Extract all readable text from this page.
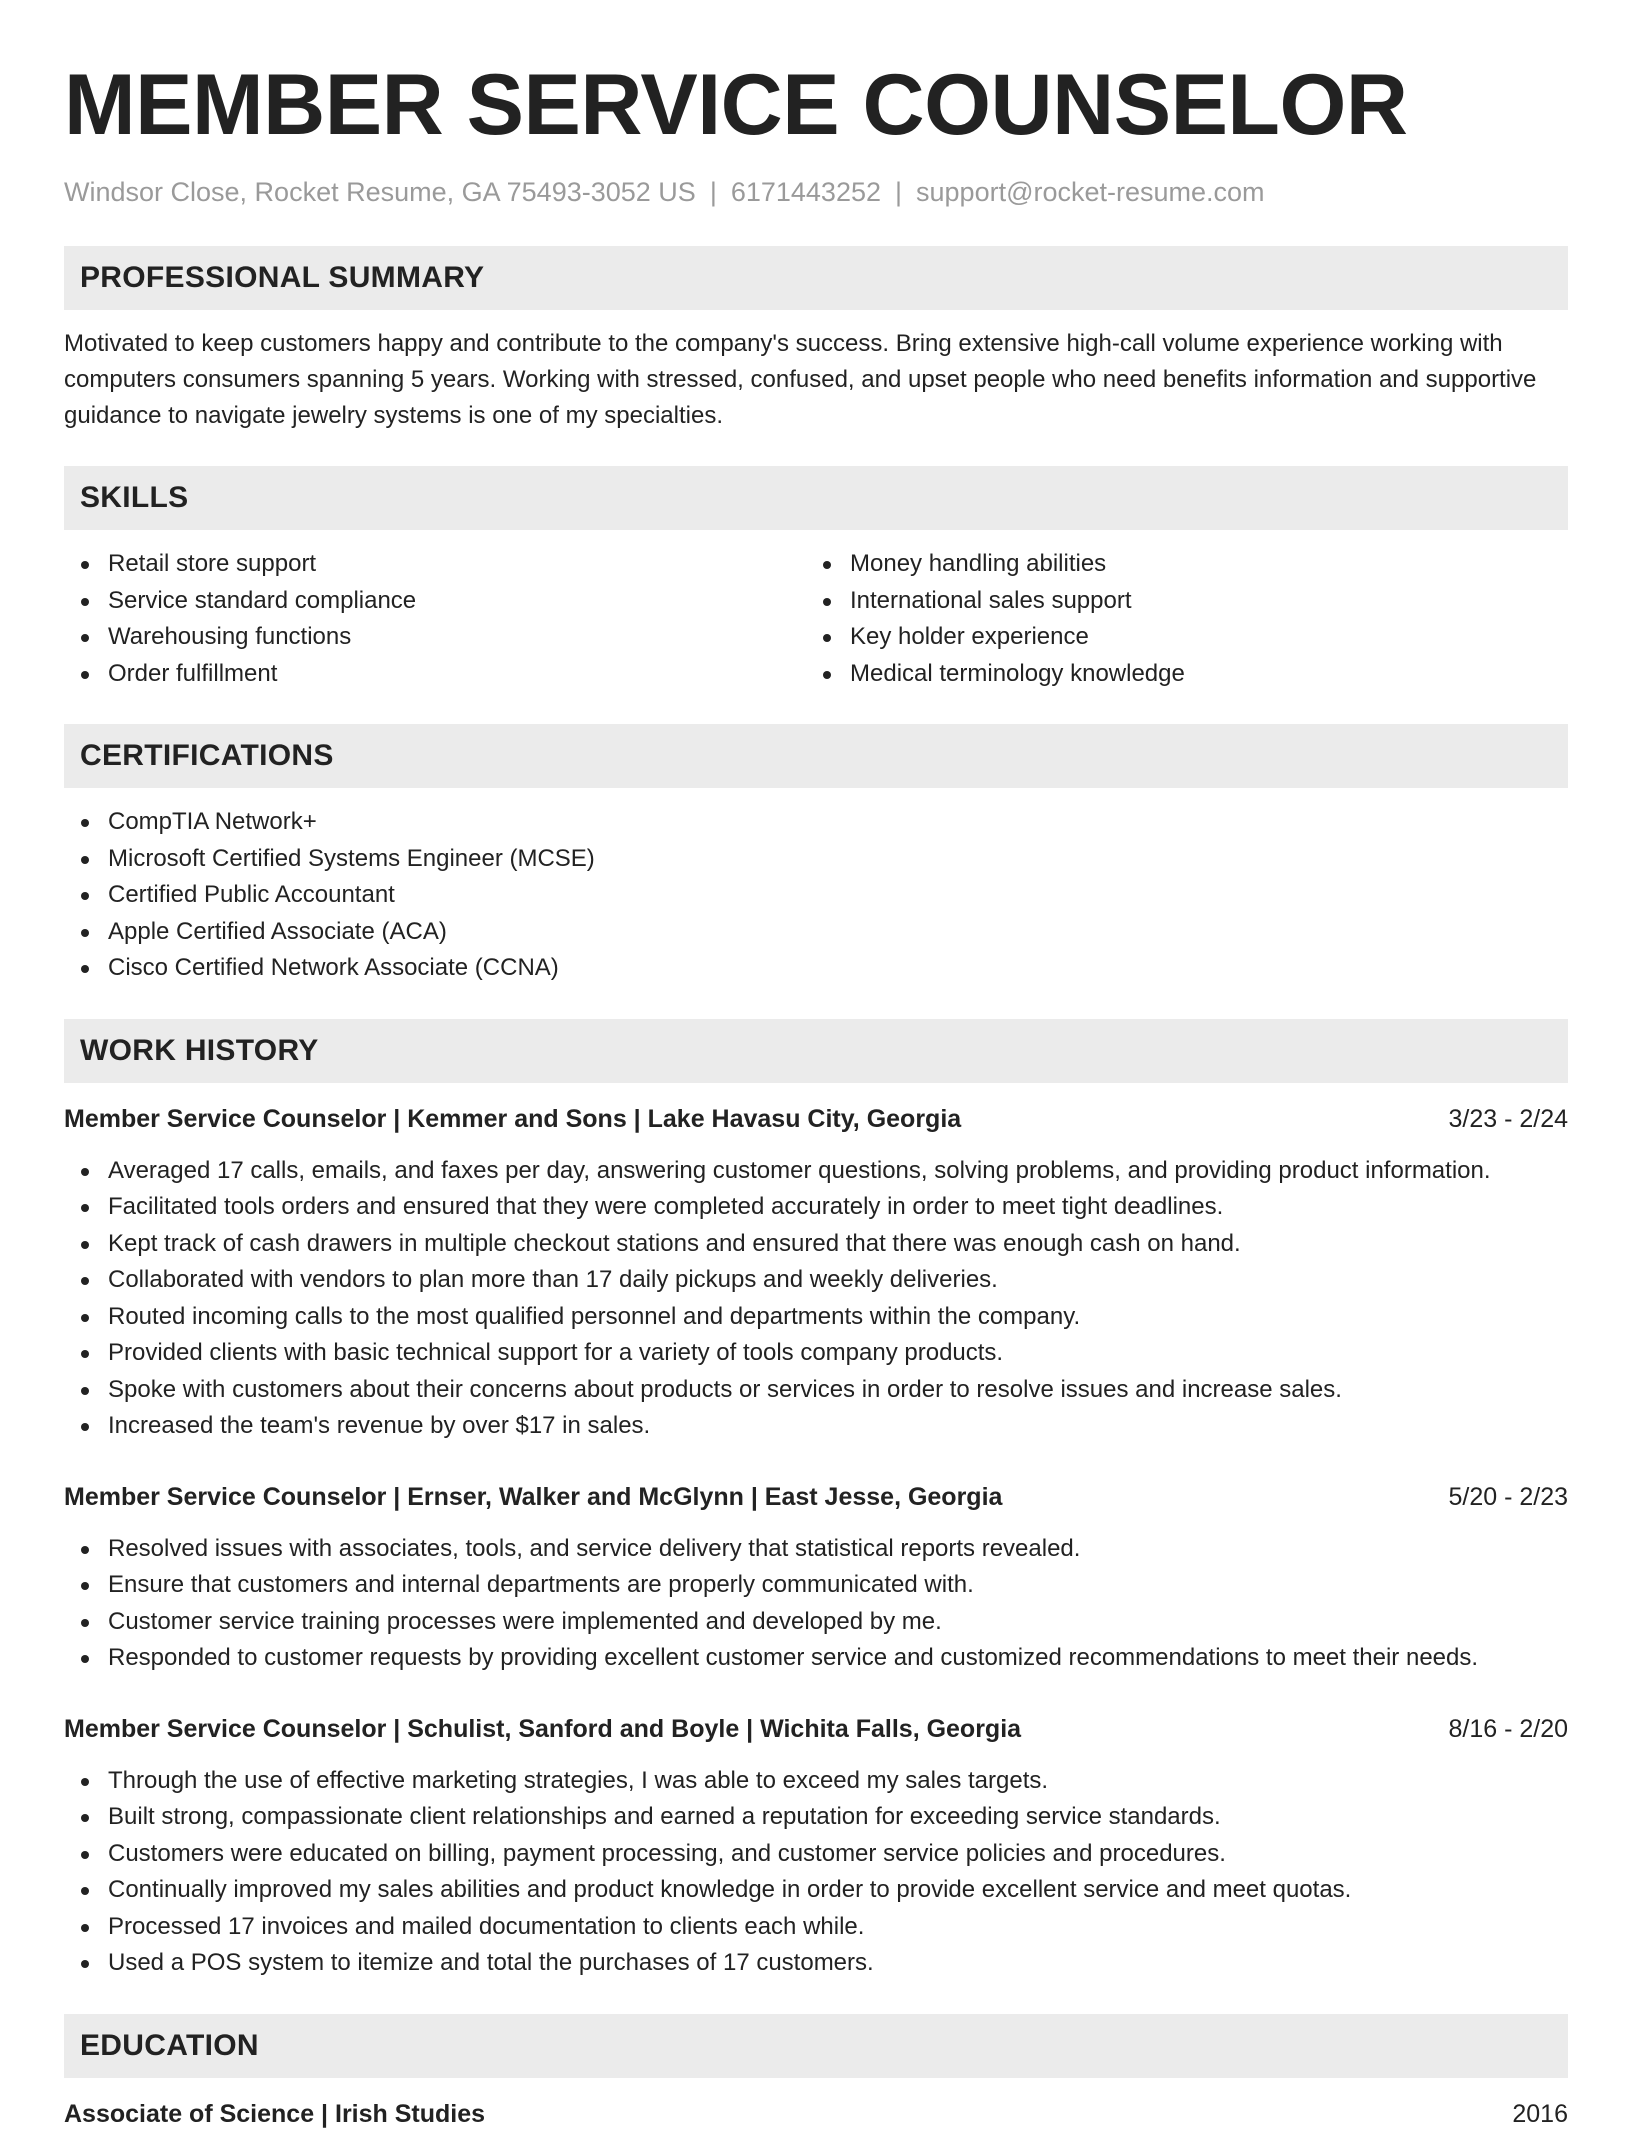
MEMBER SERVICE COUNSELOR
Windsor Close, Rocket Resume, GA 75493-3052 US | 6171443252 | support@rocket-resume.com
PROFESSIONAL SUMMARY
Motivated to keep customers happy and contribute to the company's success. Bring extensive high-call volume experience working with computers consumers spanning 5 years. Working with stressed, confused, and upset people who need benefits information and supportive guidance to navigate jewelry systems is one of my specialties.
SKILLS
Retail store support
Service standard compliance
Warehousing functions
Order fulfillment
Money handling abilities
International sales support
Key holder experience
Medical terminology knowledge
CERTIFICATIONS
CompTIA Network+
Microsoft Certified Systems Engineer (MCSE)
Certified Public Accountant
Apple Certified Associate (ACA)
Cisco Certified Network Associate (CCNA)
WORK HISTORY
Member Service Counselor | Kemmer and Sons | Lake Havasu City, Georgia	3/23 - 2/24
Averaged 17 calls, emails, and faxes per day, answering customer questions, solving problems, and providing product information.
Facilitated tools orders and ensured that they were completed accurately in order to meet tight deadlines.
Kept track of cash drawers in multiple checkout stations and ensured that there was enough cash on hand.
Collaborated with vendors to plan more than 17 daily pickups and weekly deliveries.
Routed incoming calls to the most qualified personnel and departments within the company.
Provided clients with basic technical support for a variety of tools company products.
Spoke with customers about their concerns about products or services in order to resolve issues and increase sales.
Increased the team's revenue by over $17 in sales.
Member Service Counselor | Ernser, Walker and McGlynn | East Jesse, Georgia	5/20 - 2/23
Resolved issues with associates, tools, and service delivery that statistical reports revealed.
Ensure that customers and internal departments are properly communicated with.
Customer service training processes were implemented and developed by me.
Responded to customer requests by providing excellent customer service and customized recommendations to meet their needs.
Member Service Counselor | Schulist, Sanford and Boyle | Wichita Falls, Georgia	8/16 - 2/20
Through the use of effective marketing strategies, I was able to exceed my sales targets.
Built strong, compassionate client relationships and earned a reputation for exceeding service standards.
Customers were educated on billing, payment processing, and customer service policies and procedures.
Continually improved my sales abilities and product knowledge in order to provide excellent service and meet quotas.
Processed 17 invoices and mailed documentation to clients each while.
Used a POS system to itemize and total the purchases of 17 customers.
EDUCATION
Associate of Science | Irish Studies	2016
